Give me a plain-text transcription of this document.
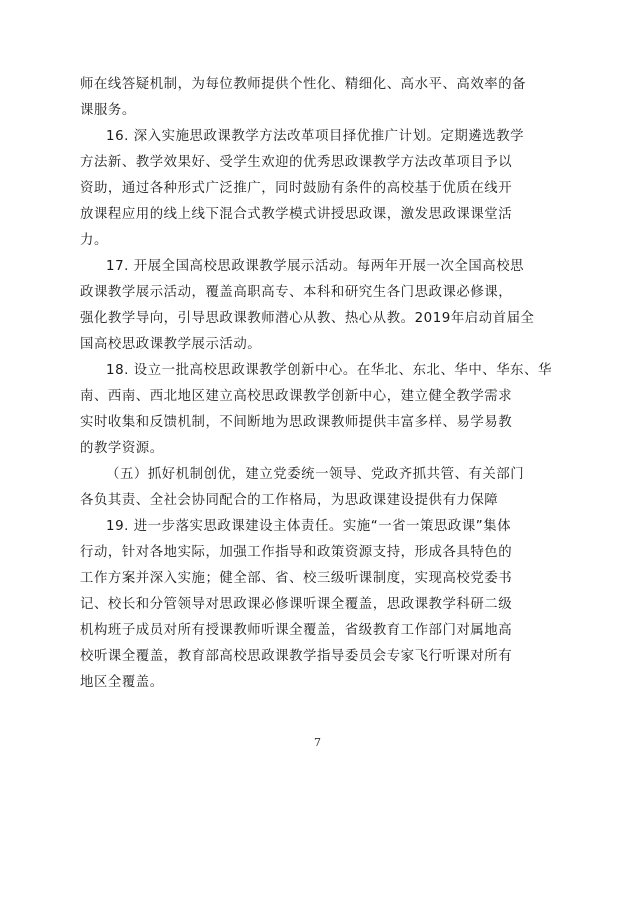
师在线答疑机制，为每位教师提供个性化、精细化、高水平、高效率的备
课服务。
16. 深入实施思政课教学方法改革项目择优推广计划。定期遴选教学
方法新、教学效果好、受学生欢迎的优秀思政课教学方法改革项目予以
资助，通过各种形式广泛推广，同时鼓励有条件的高校基于优质在线开
放课程应用的线上线下混合式教学模式讲授思政课，激发思政课课堂活
力。
17. 开展全国高校思政课教学展示活动。每两年开展一次全国高校思
政课教学展示活动，覆盖高职高专、本科和研究生各门思政课必修课，
强化教学导向，引导思政课教师潜心从教、热心从教。2019年启动首届全
国高校思政课教学展示活动。
18. 设立一批高校思政课教学创新中心。在华北、东北、华中、华东、华
南、西南、西北地区建立高校思政课教学创新中心，建立健全教学需求
实时收集和反馈机制，不间断地为思政课教师提供丰富多样、易学易教
的教学资源。
（五）抓好机制创优，建立党委统一领导、党政齐抓共管、有关部门
各负其责、全社会协同配合的工作格局，为思政课建设提供有力保障
19. 进一步落实思政课建设主体责任。实施“一省一策思政课”集体
行动，针对各地实际，加强工作指导和政策资源支持，形成各具特色的
工作方案并深入实施；健全部、省、校三级听课制度，实现高校党委书
记、校长和分管领导对思政课必修课听课全覆盖，思政课教学科研二级
机构班子成员对所有授课教师听课全覆盖，省级教育工作部门对属地高
校听课全覆盖，教育部高校思政课教学指导委员会专家飞行听课对所有
地区全覆盖。
7
